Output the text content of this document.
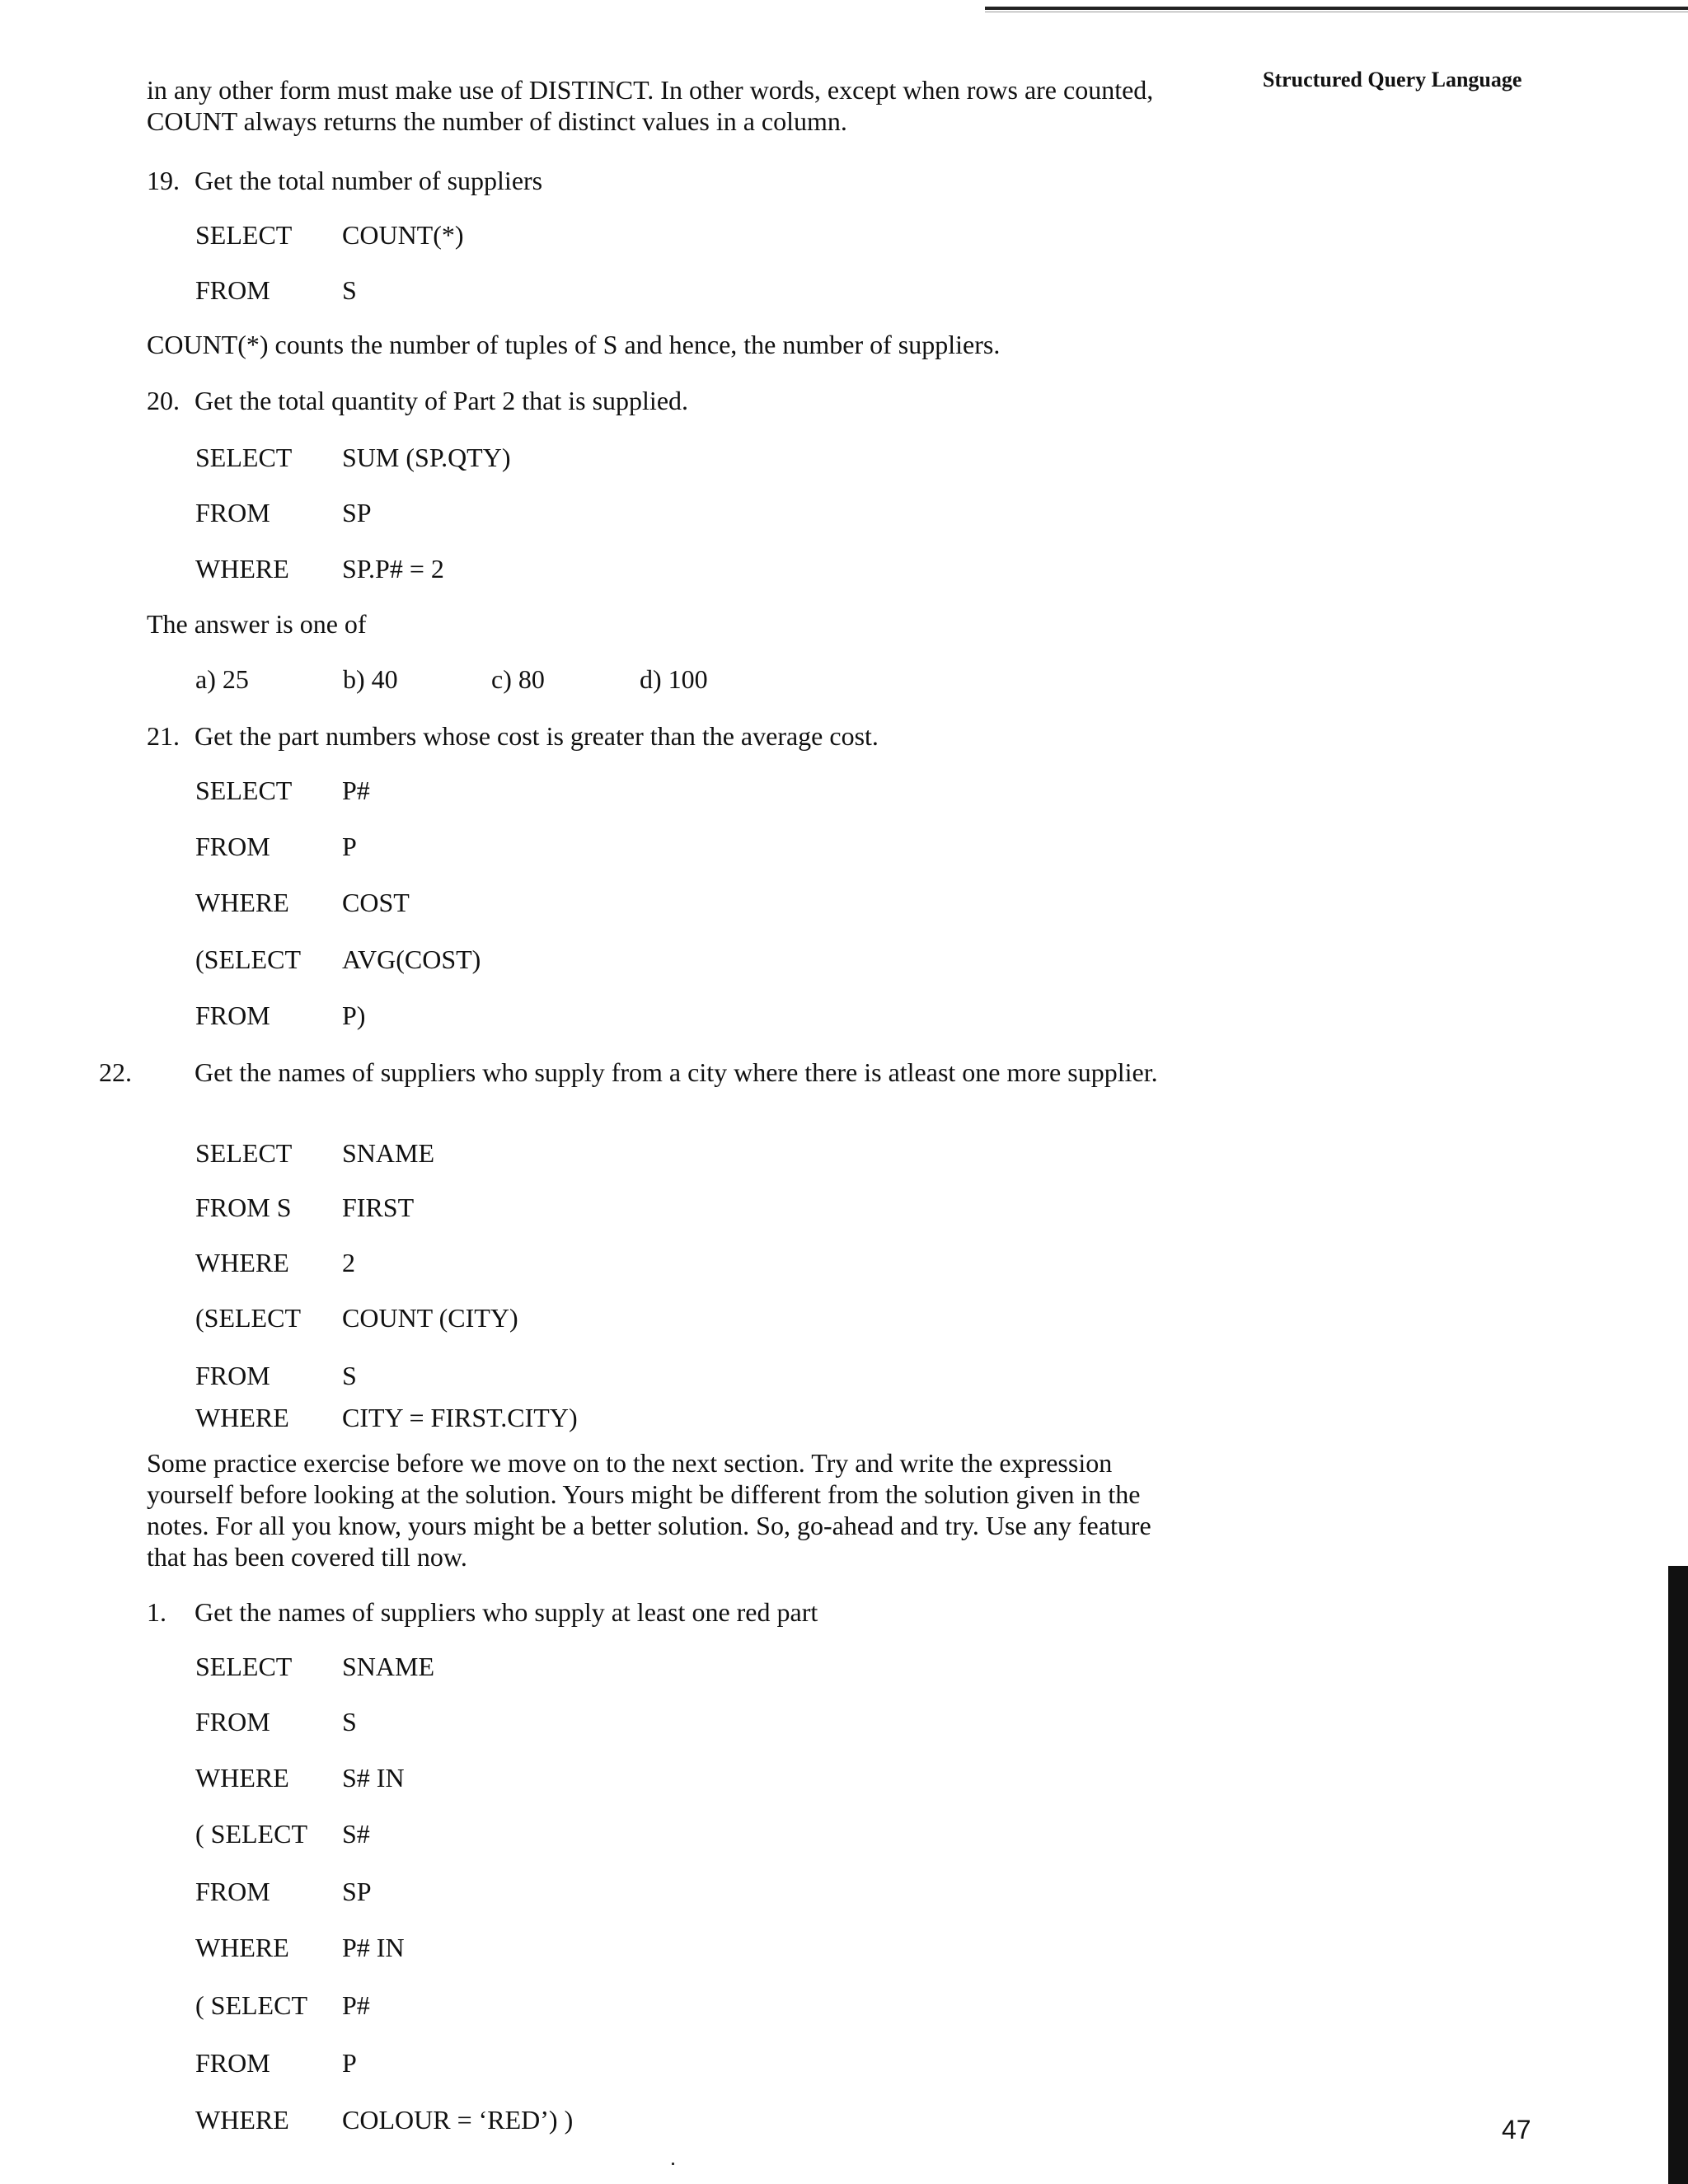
Structured Query Language

in any other form must make use of DISTINCT. In other words, except when rows are counted, COUNT always returns the number of distinct values in a column.

19. Get the total number of suppliers
SELECT COUNT(*)
FROM	S

COUNT(*) counts the number of tuples of S and hence, the number of suppliers.

20. Get the total quantity of Part 2 that is supplied.
SELECT SUM (SP.QTY)
FROM	SP
WHERE SP.P# = 2

The answer is one of

a) 25	b) 40	c) 80	d) 100
21. Get the part numbers whose cost is greater than the average cost.
SELECT P#
FROM	P
WHERE COST
(SELECT AVG(COST)
FROM	P)
22. Get the names of suppliers who supply from a city where there is atleast one more supplier.
SELECT SNAME
FROM S FIRST
WHERE 2
(SELECT COUNT (CITY)
FROM	S
WHERE CITY = FIRST.CITY)

Some practice exercise before we move on to the next section. Try and write the expression yourself before looking at the solution. Yours might be different from the solution given in the notes. For all you know, yours might be a better solution. So, go-ahead and try. Use any feature that has been covered till now.

1. Get the names of suppliers who supply at least one red part
SELECT SNAME
FROM	S
WHERE S# IN
( SELECT S#
FROM	SP
WHERE P# IN
( SELECT P#
FROM	P
WHERE COLOUR = ‘RED’) )	47
